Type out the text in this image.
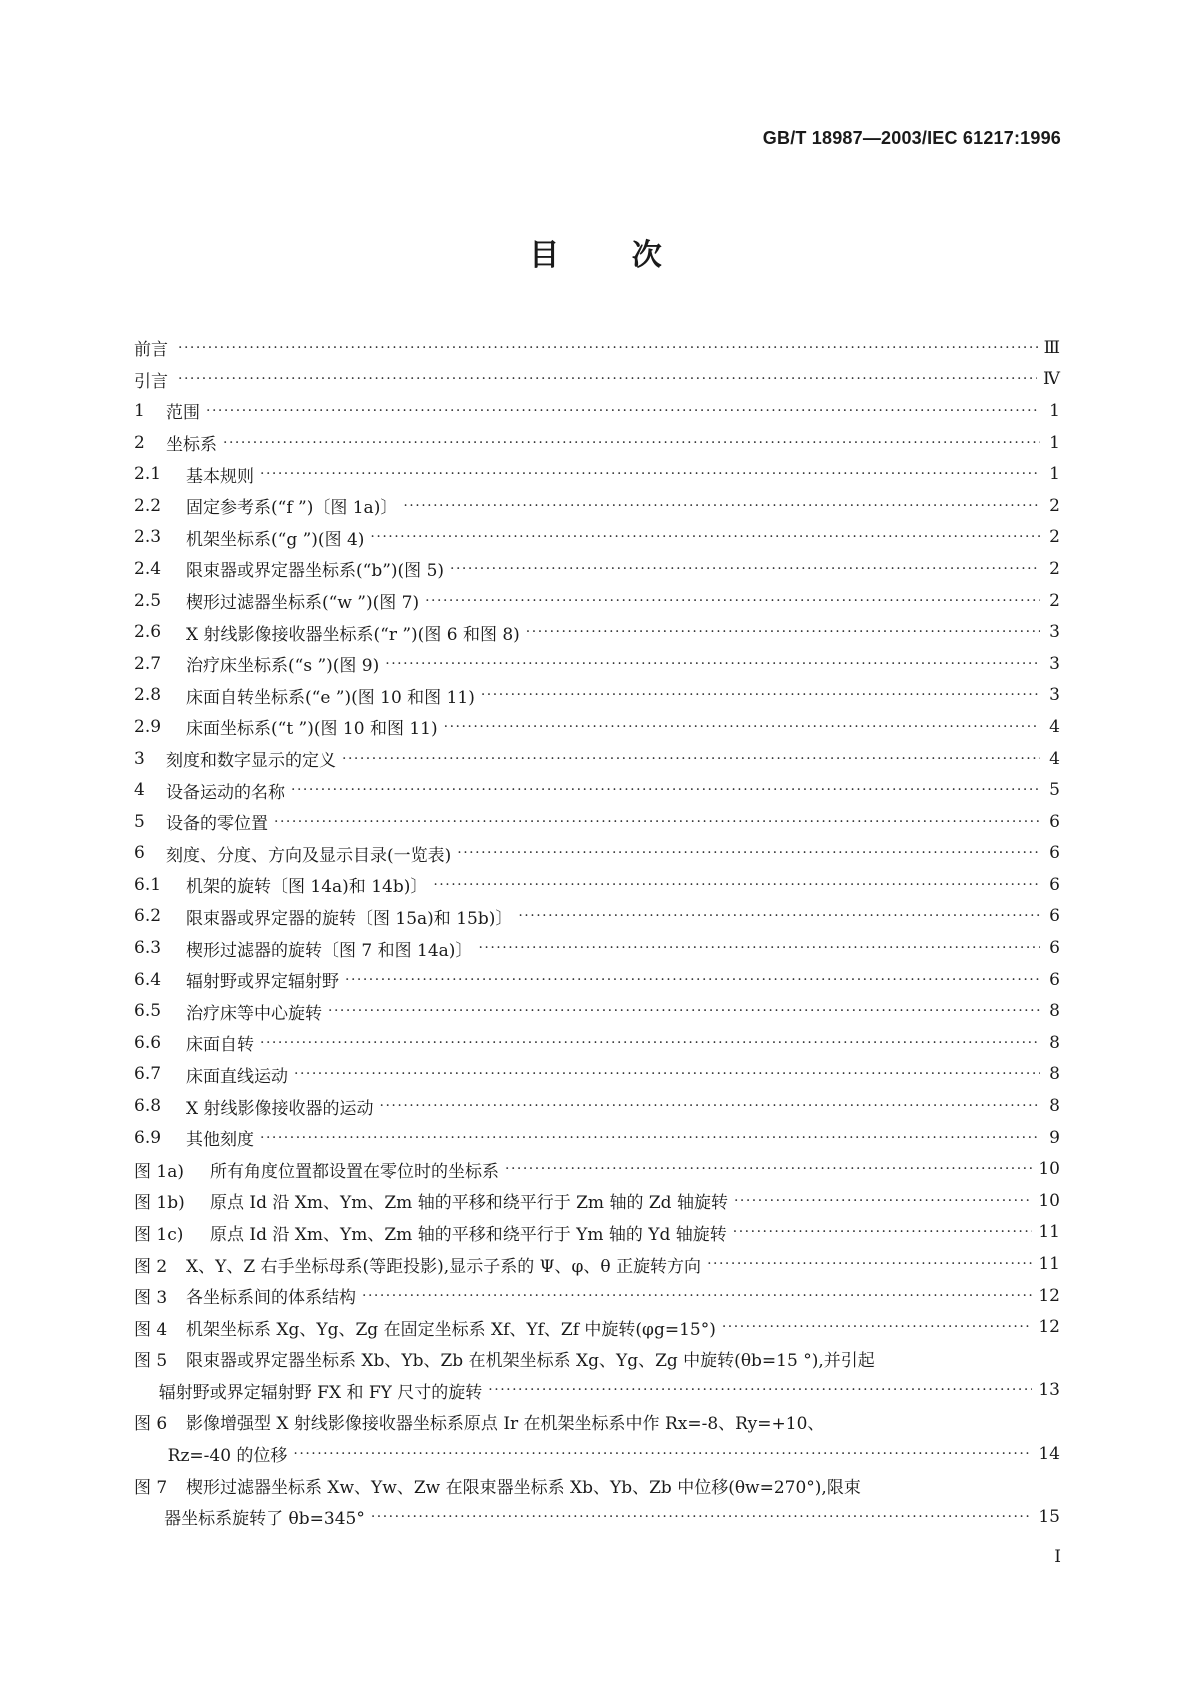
GB/T 18987—2003/IEC 61217:1996
目 次
前言 ·····	Ⅲ
引言 ·····	Ⅳ
1	范围 ·····	1
2	坐标系 ·····	1
2.1	基本规则 ·····	1
2.2	固定参考系(“f ”)〔图 1a)〕 ·····	2
2.3	机架坐标系(“g ”)(图 4) ·····	2
2.4	限束器或界定器坐标系(“b”)(图 5) ·····	2
2.5	楔形过滤器坐标系(“w ”)(图 7) ·····	2
2.6	X 射线影像接收器坐标系(“r ”)(图 6 和图 8) ·····	3
2.7	治疗床坐标系(“s ”)(图 9) ·····	3
2.8	床面自转坐标系(“e ”)(图 10 和图 11) ·····	3
2.9	床面坐标系(“t ”)(图 10 和图 11) ·····	4
3	刻度和数字显示的定义 ·····	4
4	设备运动的名称 ·····	5
5	设备的零位置 ·····	6
6	刻度、分度、方向及显示目录(一览表) ·····	6
6.1	机架的旋转〔图 14a)和 14b)〕 ·····	6
6.2	限束器或界定器的旋转〔图 15a)和 15b)〕 ·····	6
6.3	楔形过滤器的旋转〔图 7 和图 14a)〕 ·····	6
6.4	辐射野或界定辐射野 ·····	6
6.5	治疗床等中心旋转 ·····	8
6.6	床面自转 ·····	8
6.7	床面直线运动 ·····	8
6.8	X 射线影像接收器的运动 ·····	8
6.9	其他刻度 ·····	9
图 1a)	所有角度位置都设置在零位时的坐标系 ·····	10
图 1b)	原点 Id 沿 Xm、Ym、Zm 轴的平移和绕平行于 Zm 轴的 Zd 轴旋转 ·····	10
图 1c)	原点 Id 沿 Xm、Ym、Zm 轴的平移和绕平行于 Ym 轴的 Yd 轴旋转 ·····	11
图 2	X、Y、Z 右手坐标母系(等距投影),显示子系的 Ψ、φ、θ 正旋转方向 ·····	11
图 3	各坐标系间的体系结构 ·····	12
图 4	机架坐标系 Xg、Yg、Zg 在固定坐标系 Xf、Yf、Zf 中旋转(φg=15°) ·····	12
图 5	限束器或界定器坐标系 Xb、Yb、Zb 在机架坐标系 Xg、Yg、Zg 中旋转(θb=15 °),并引起
辐射野或界定辐射野 FX 和 FY 尺寸的旋转 ·····	13
图 6	影像增强型 X 射线影像接收器坐标系原点 Ir 在机架坐标系中作 Rx=-8、Ry=+10、
Rz=-40 的位移 ·····	14
图 7	楔形过滤器坐标系 Xw、Yw、Zw 在限束器坐标系 Xb、Yb、Zb 中位移(θw=270°),限束
器坐标系旋转了 θb=345° ·····	15
I
